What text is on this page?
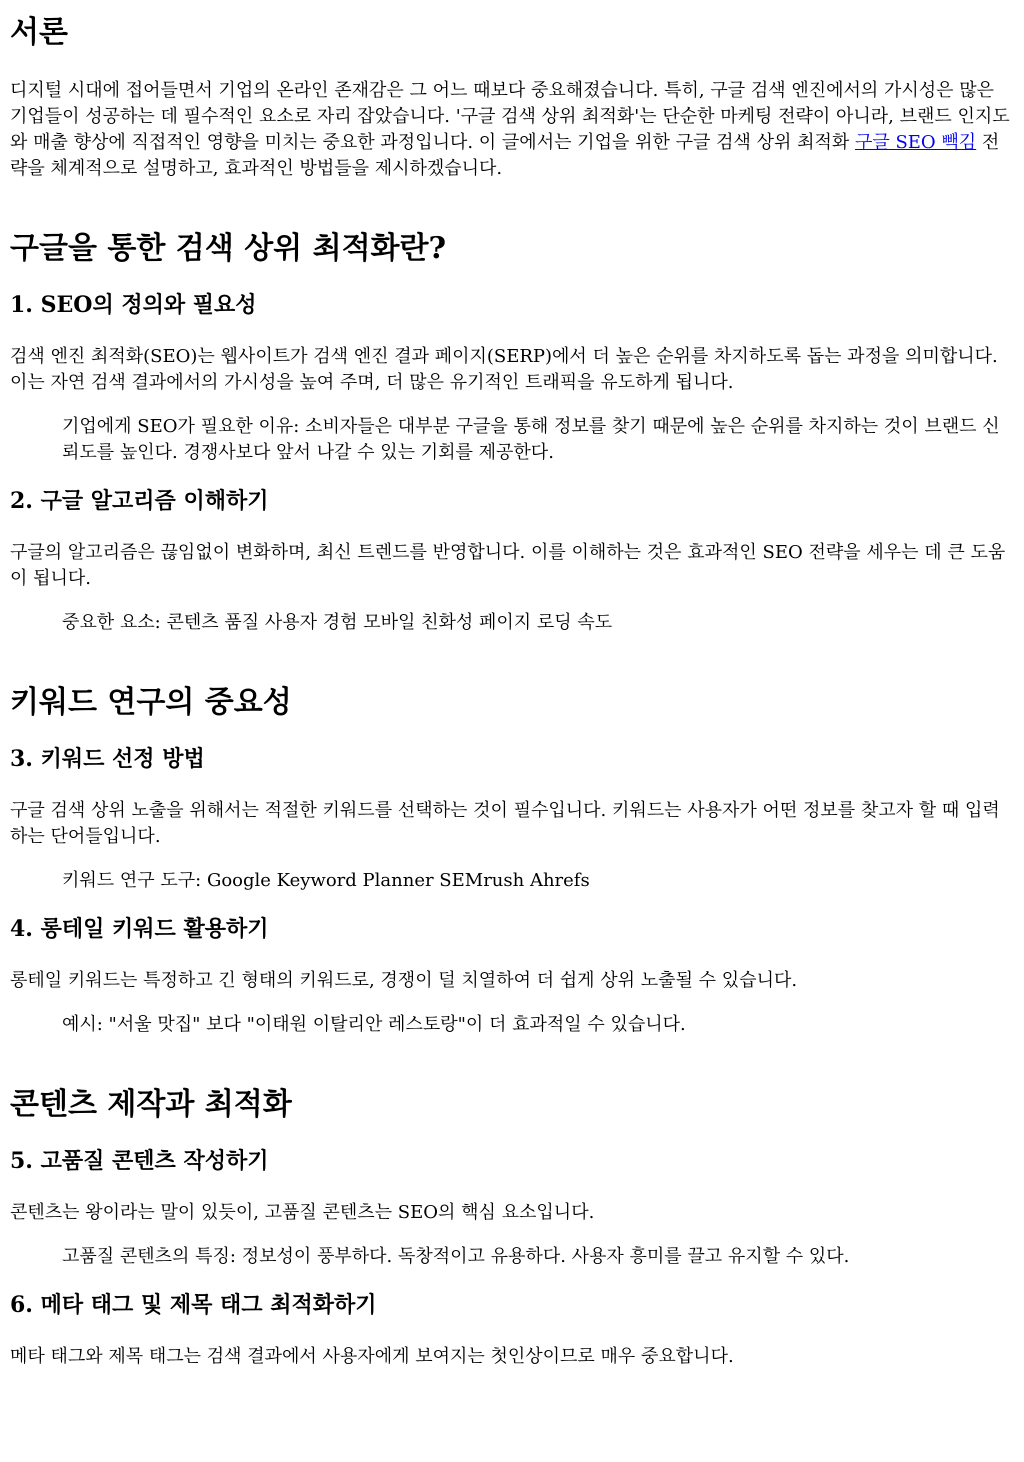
서론

디지털 시대에 접어들면서 기업의 온라인 존재감은 그 어느 때보다 중요해졌습니다. 특히, 구글 검색 엔진에서의 가시성은 많은 기업들이 성공하는 데 필수적인 요소로 자리 잡았습니다. '구글 검색 상위 최적화'는 단순한 마케팅 전략이 아니라, 브랜드 인지도와 매출 향상에 직접적인 영향을 미치는 중요한 과정입니다. 이 글에서는 기업을 위한 구글 검색 상위 최적화 구글 SEO 빽김 전략을 체계적으로 설명하고, 효과적인 방법들을 제시하겠습니다.

구글을 통한 검색 상위 최적화란?
1. SEO의 정의와 필요성

검색 엔진 최적화(SEO)는 웹사이트가 검색 엔진 결과 페이지(SERP)에서 더 높은 순위를 차지하도록 돕는 과정을 의미합니다. 이는 자연 검색 결과에서의 가시성을 높여 주며, 더 많은 유기적인 트래픽을 유도하게 됩니다.

기업에게 SEO가 필요한 이유: 소비자들은 대부분 구글을 통해 정보를 찾기 때문에 높은 순위를 차지하는 것이 브랜드 신뢰도를 높인다. 경쟁사보다 앞서 나갈 수 있는 기회를 제공한다.
2. 구글 알고리즘 이해하기

구글의 알고리즘은 끊임없이 변화하며, 최신 트렌드를 반영합니다. 이를 이해하는 것은 효과적인 SEO 전략을 세우는 데 큰 도움이 됩니다.

중요한 요소: 콘텐츠 품질 사용자 경험 모바일 친화성 페이지 로딩 속도
키워드 연구의 중요성
3. 키워드 선정 방법

구글 검색 상위 노출을 위해서는 적절한 키워드를 선택하는 것이 필수입니다. 키워드는 사용자가 어떤 정보를 찾고자 할 때 입력하는 단어들입니다.

키워드 연구 도구: Google Keyword Planner SEMrush Ahrefs
4. 롱테일 키워드 활용하기

롱테일 키워드는 특정하고 긴 형태의 키워드로, 경쟁이 덜 치열하여 더 쉽게 상위 노출될 수 있습니다.

예시: "서울 맛집" 보다 "이태원 이탈리안 레스토랑"이 더 효과적일 수 있습니다.
콘텐츠 제작과 최적화
5. 고품질 콘텐츠 작성하기

콘텐츠는 왕이라는 말이 있듯이, 고품질 콘텐츠는 SEO의 핵심 요소입니다.

고품질 콘텐츠의 특징: 정보성이 풍부하다. 독창적이고 유용하다. 사용자 흥미를 끌고 유지할 수 있다.
6. 메타 태그 및 제목 태그 최적화하기

메타 태그와 제목 태그는 검색 결과에서 사용자에게 보여지는 첫인상이므로 매우 중요합니다.
